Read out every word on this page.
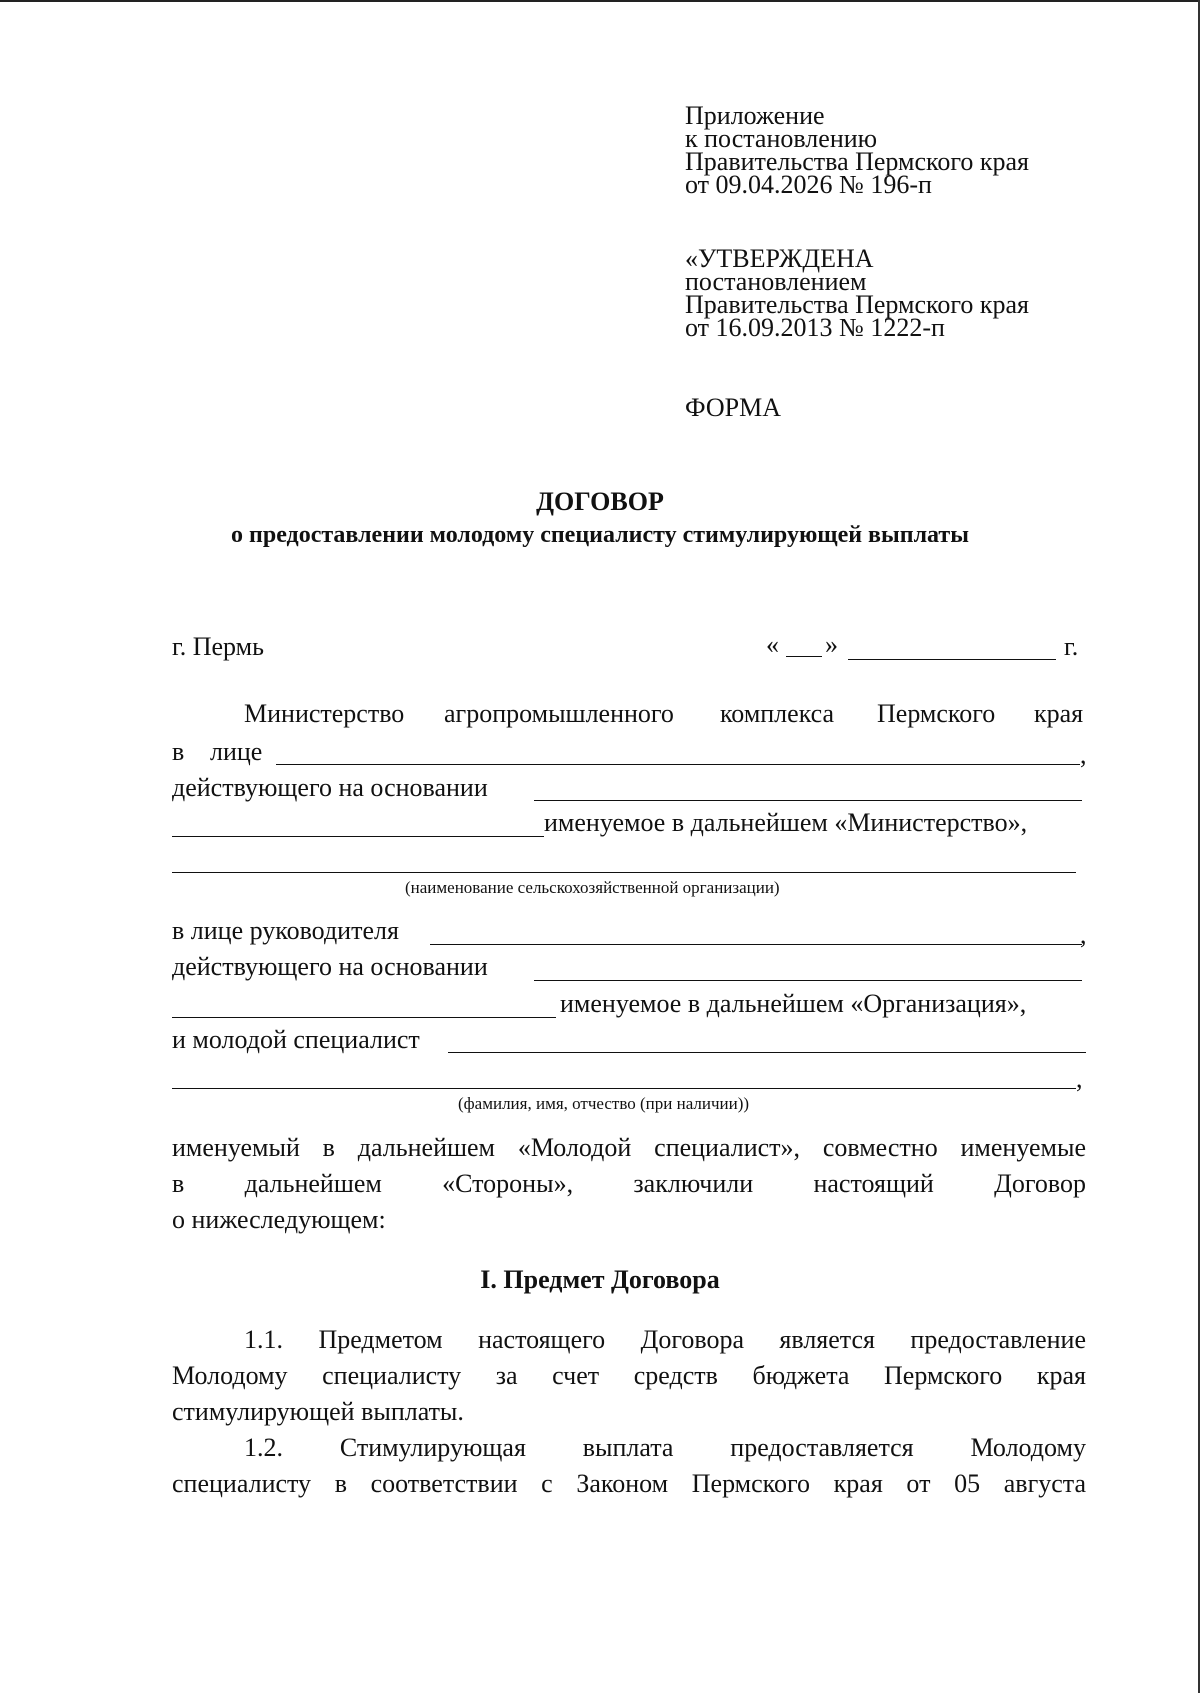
Приложение
к постановлению
Правительства Пермского края
от 09.04.2026 № 196-п
«УТВЕРЖДЕНА
постановлением
Правительства Пермского края
от 16.09.2013 № 1222-п
ФОРМА
ДОГОВОР
о предоставлении молодому специалисту стимулирующей выплаты
г. Пермь	« »	г.
Министерство агропромышленного комплекса Пермского края
в лице	,
действующего на основании
именуемое в дальнейшем «Министерство»,
(наименование сельскохозяйственной организации)
в лице руководителя	,
действующего на основании
именуемое в дальнейшем «Организация»,
и молодой специалист
,
(фамилия, имя, отчество (при наличии))

именуемый в дальнейшем «Молодой специалист», совместно именуемые

в дальнейшем «Стороны», заключили настоящий Договор

о нижеследующем:

I. Предмет Договора

1.1. Предметом настоящего Договора является предоставление

Молодому специалисту за счет средств бюджета Пермского края

стимулирующей выплаты.

1.2. Стимулирующая выплата предоставляется Молодому

специалисту в соответствии с Законом Пермского края от 05 августа
